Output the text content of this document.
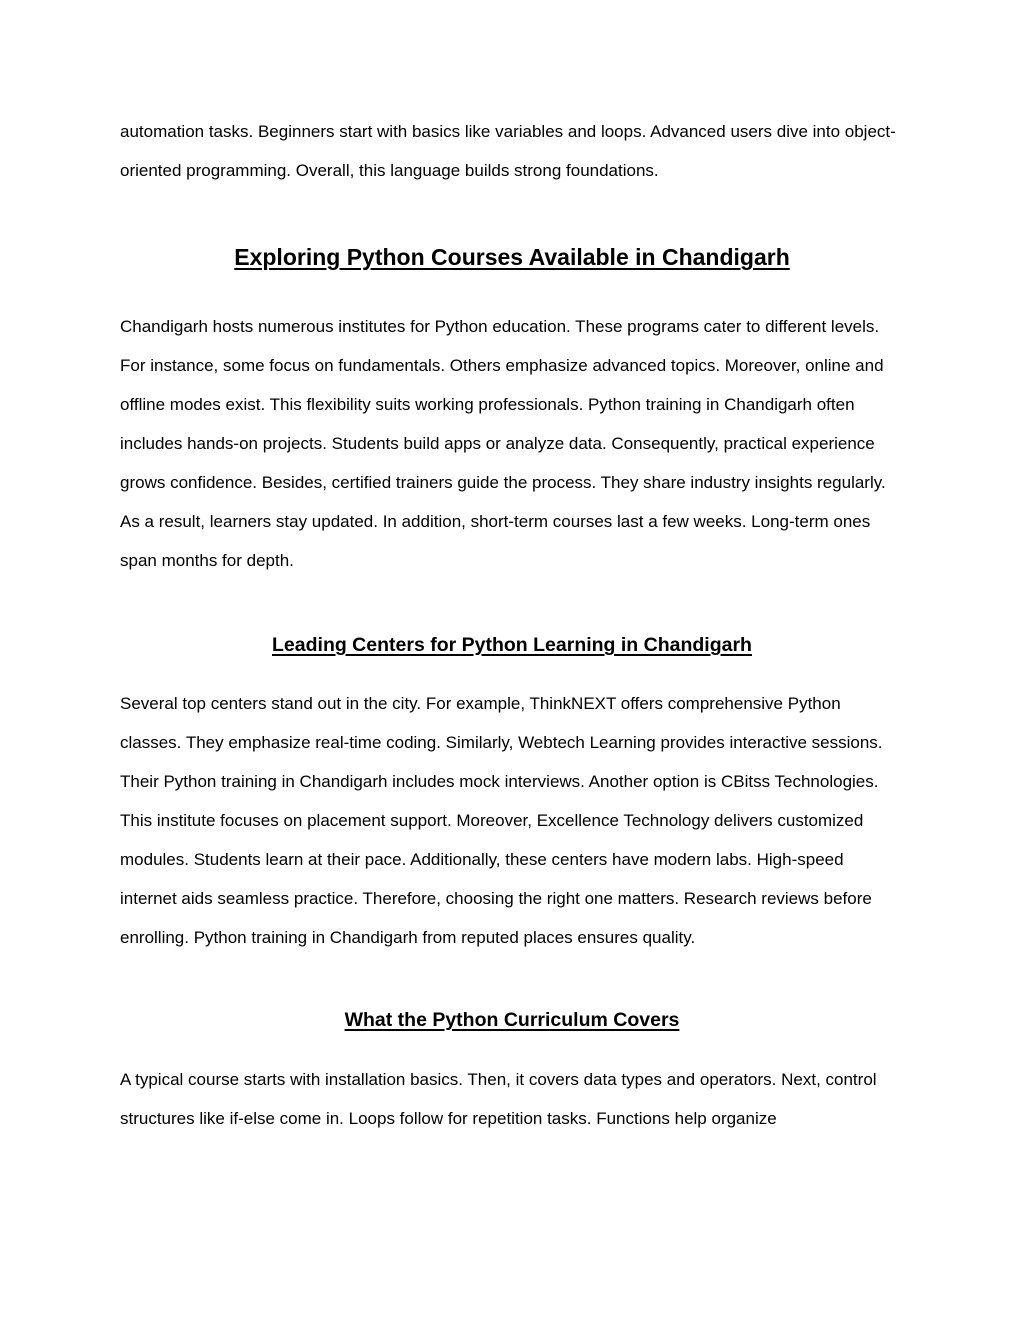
automation tasks. Beginners start with basics like variables and loops. Advanced users dive into object-oriented programming. Overall, this language builds strong foundations.

Exploring Python Courses Available in Chandigarh

Chandigarh hosts numerous institutes for Python education. These programs cater to different levels. For instance, some focus on fundamentals. Others emphasize advanced topics. Moreover, online and offline modes exist. This flexibility suits working professionals. Python training in Chandigarh often includes hands-on projects. Students build apps or analyze data. Consequently, practical experience grows confidence. Besides, certified trainers guide the process. They share industry insights regularly. As a result, learners stay updated. In addition, short-term courses last a few weeks. Long-term ones span months for depth.

Leading Centers for Python Learning in Chandigarh

Several top centers stand out in the city. For example, ThinkNEXT offers comprehensive Python classes. They emphasize real-time coding. Similarly, Webtech Learning provides interactive sessions. Their Python training in Chandigarh includes mock interviews. Another option is CBitss Technologies. This institute focuses on placement support. Moreover, Excellence Technology delivers customized modules. Students learn at their pace. Additionally, these centers have modern labs. High-speed internet aids seamless practice. Therefore, choosing the right one matters. Research reviews before enrolling. Python training in Chandigarh from reputed places ensures quality.

What the Python Curriculum Covers

A typical course starts with installation basics. Then, it covers data types and operators. Next, control structures like if-else come in. Loops follow for repetition tasks. Functions help organize
